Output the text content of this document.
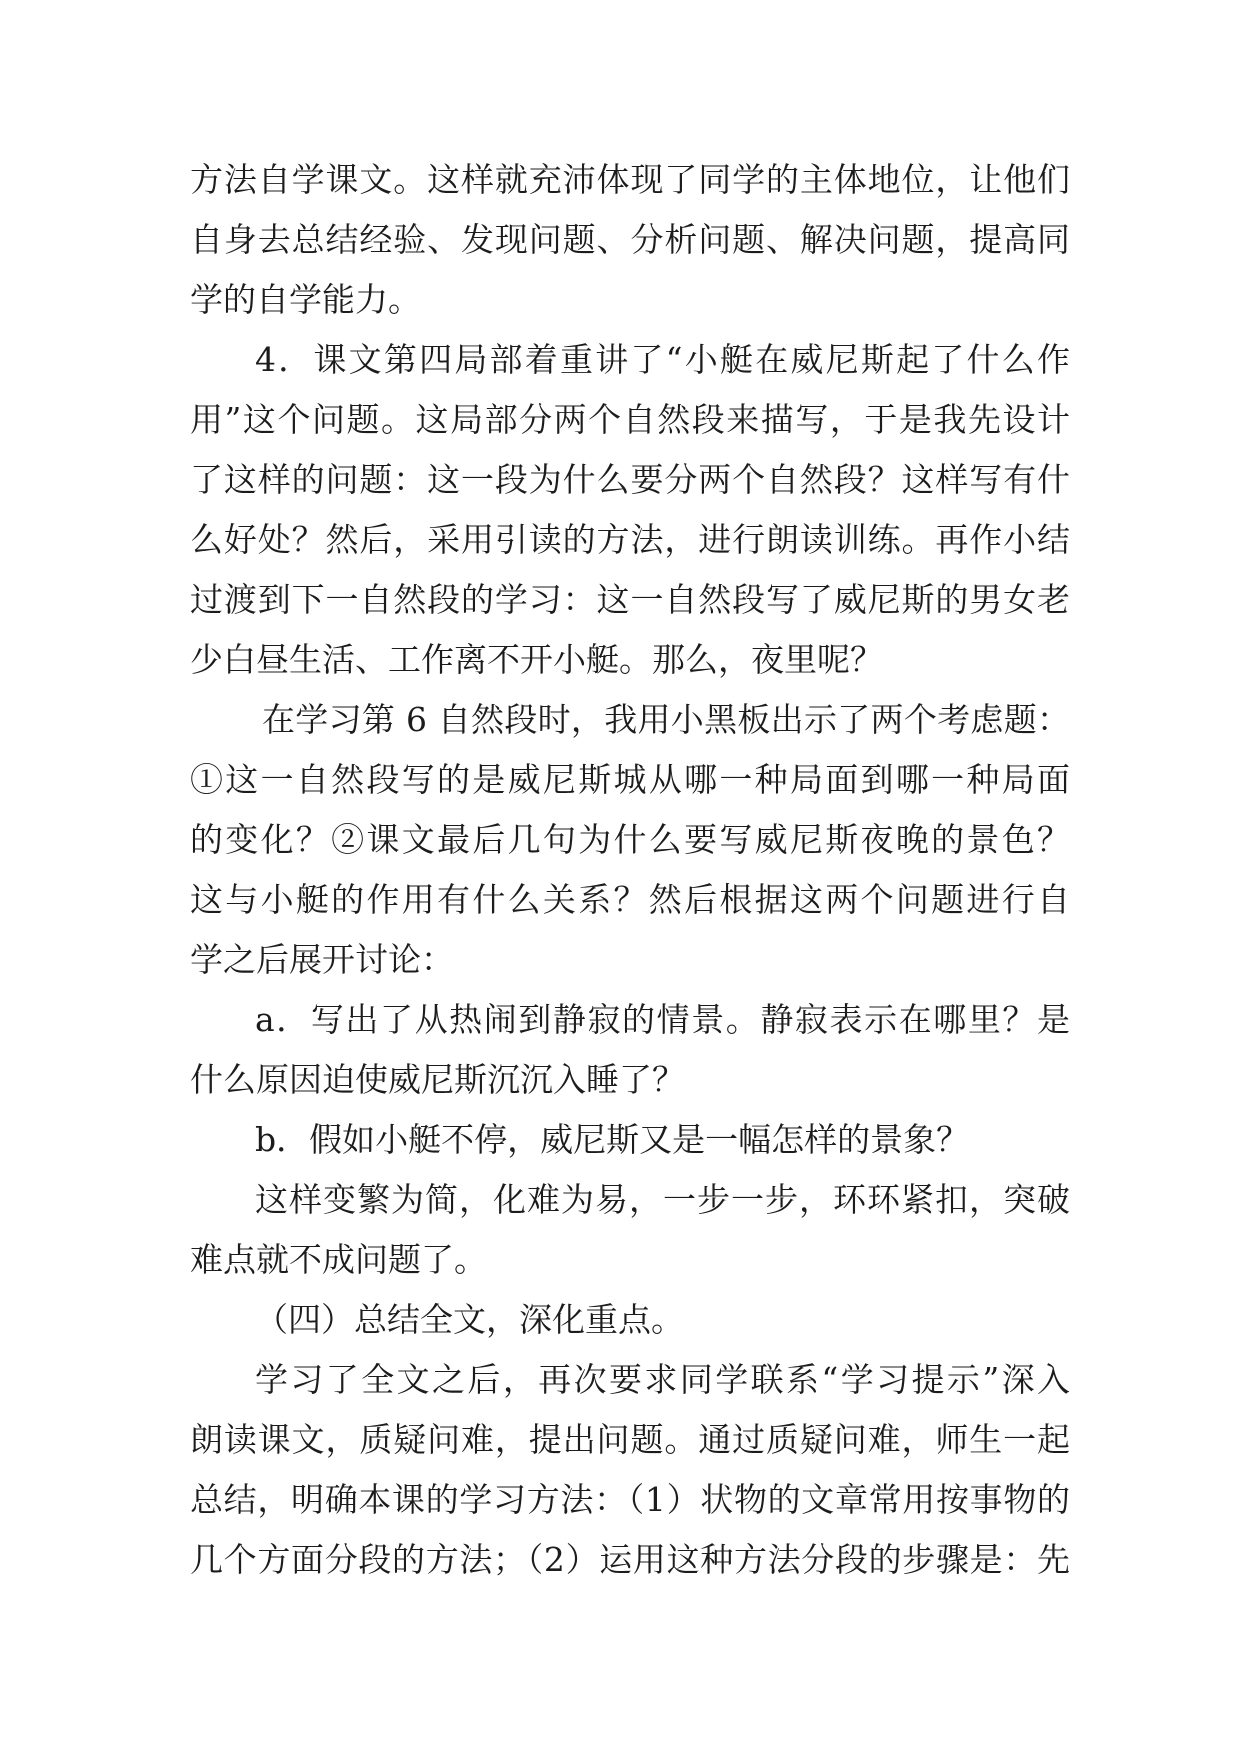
方法自学课文。这样就充沛体现了同学的主体地位，让他们
自身去总结经验、发现问题、分析问题、解决问题，提高同
学的自学能力。
4．课文第四局部着重讲了“小艇在威尼斯起了什么作
用”这个问题。这局部分两个自然段来描写，于是我先设计
了这样的问题：这一段为什么要分两个自然段？这样写有什
么好处？然后，采用引读的方法，进行朗读训练。再作小结
过渡到下一自然段的学习：这一自然段写了威尼斯的男女老
少白昼生活、工作离不开小艇。那么，夜里呢？
在学习第 6 自然段时，我用小黑板出示了两个考虑题：
①这一自然段写的是威尼斯城从哪一种局面到哪一种局面
的变化？②课文最后几句为什么要写威尼斯夜晚的景色？
这与小艇的作用有什么关系？然后根据这两个问题进行自
学之后展开讨论：
a．写出了从热闹到静寂的情景。静寂表示在哪里？是
什么原因迫使威尼斯沉沉入睡了？
b．假如小艇不停，威尼斯又是一幅怎样的景象？
这样变繁为简，化难为易，一步一步，环环紧扣，突破
难点就不成问题了。
（四）总结全文，深化重点。
学习了全文之后，再次要求同学联系“学习提示”深入
朗读课文，质疑问难，提出问题。通过质疑问难，师生一起
总结，明确本课的学习方法：（1）状物的文章常用按事物的
几个方面分段的方法；（2）运用这种方法分段的步骤是：先
